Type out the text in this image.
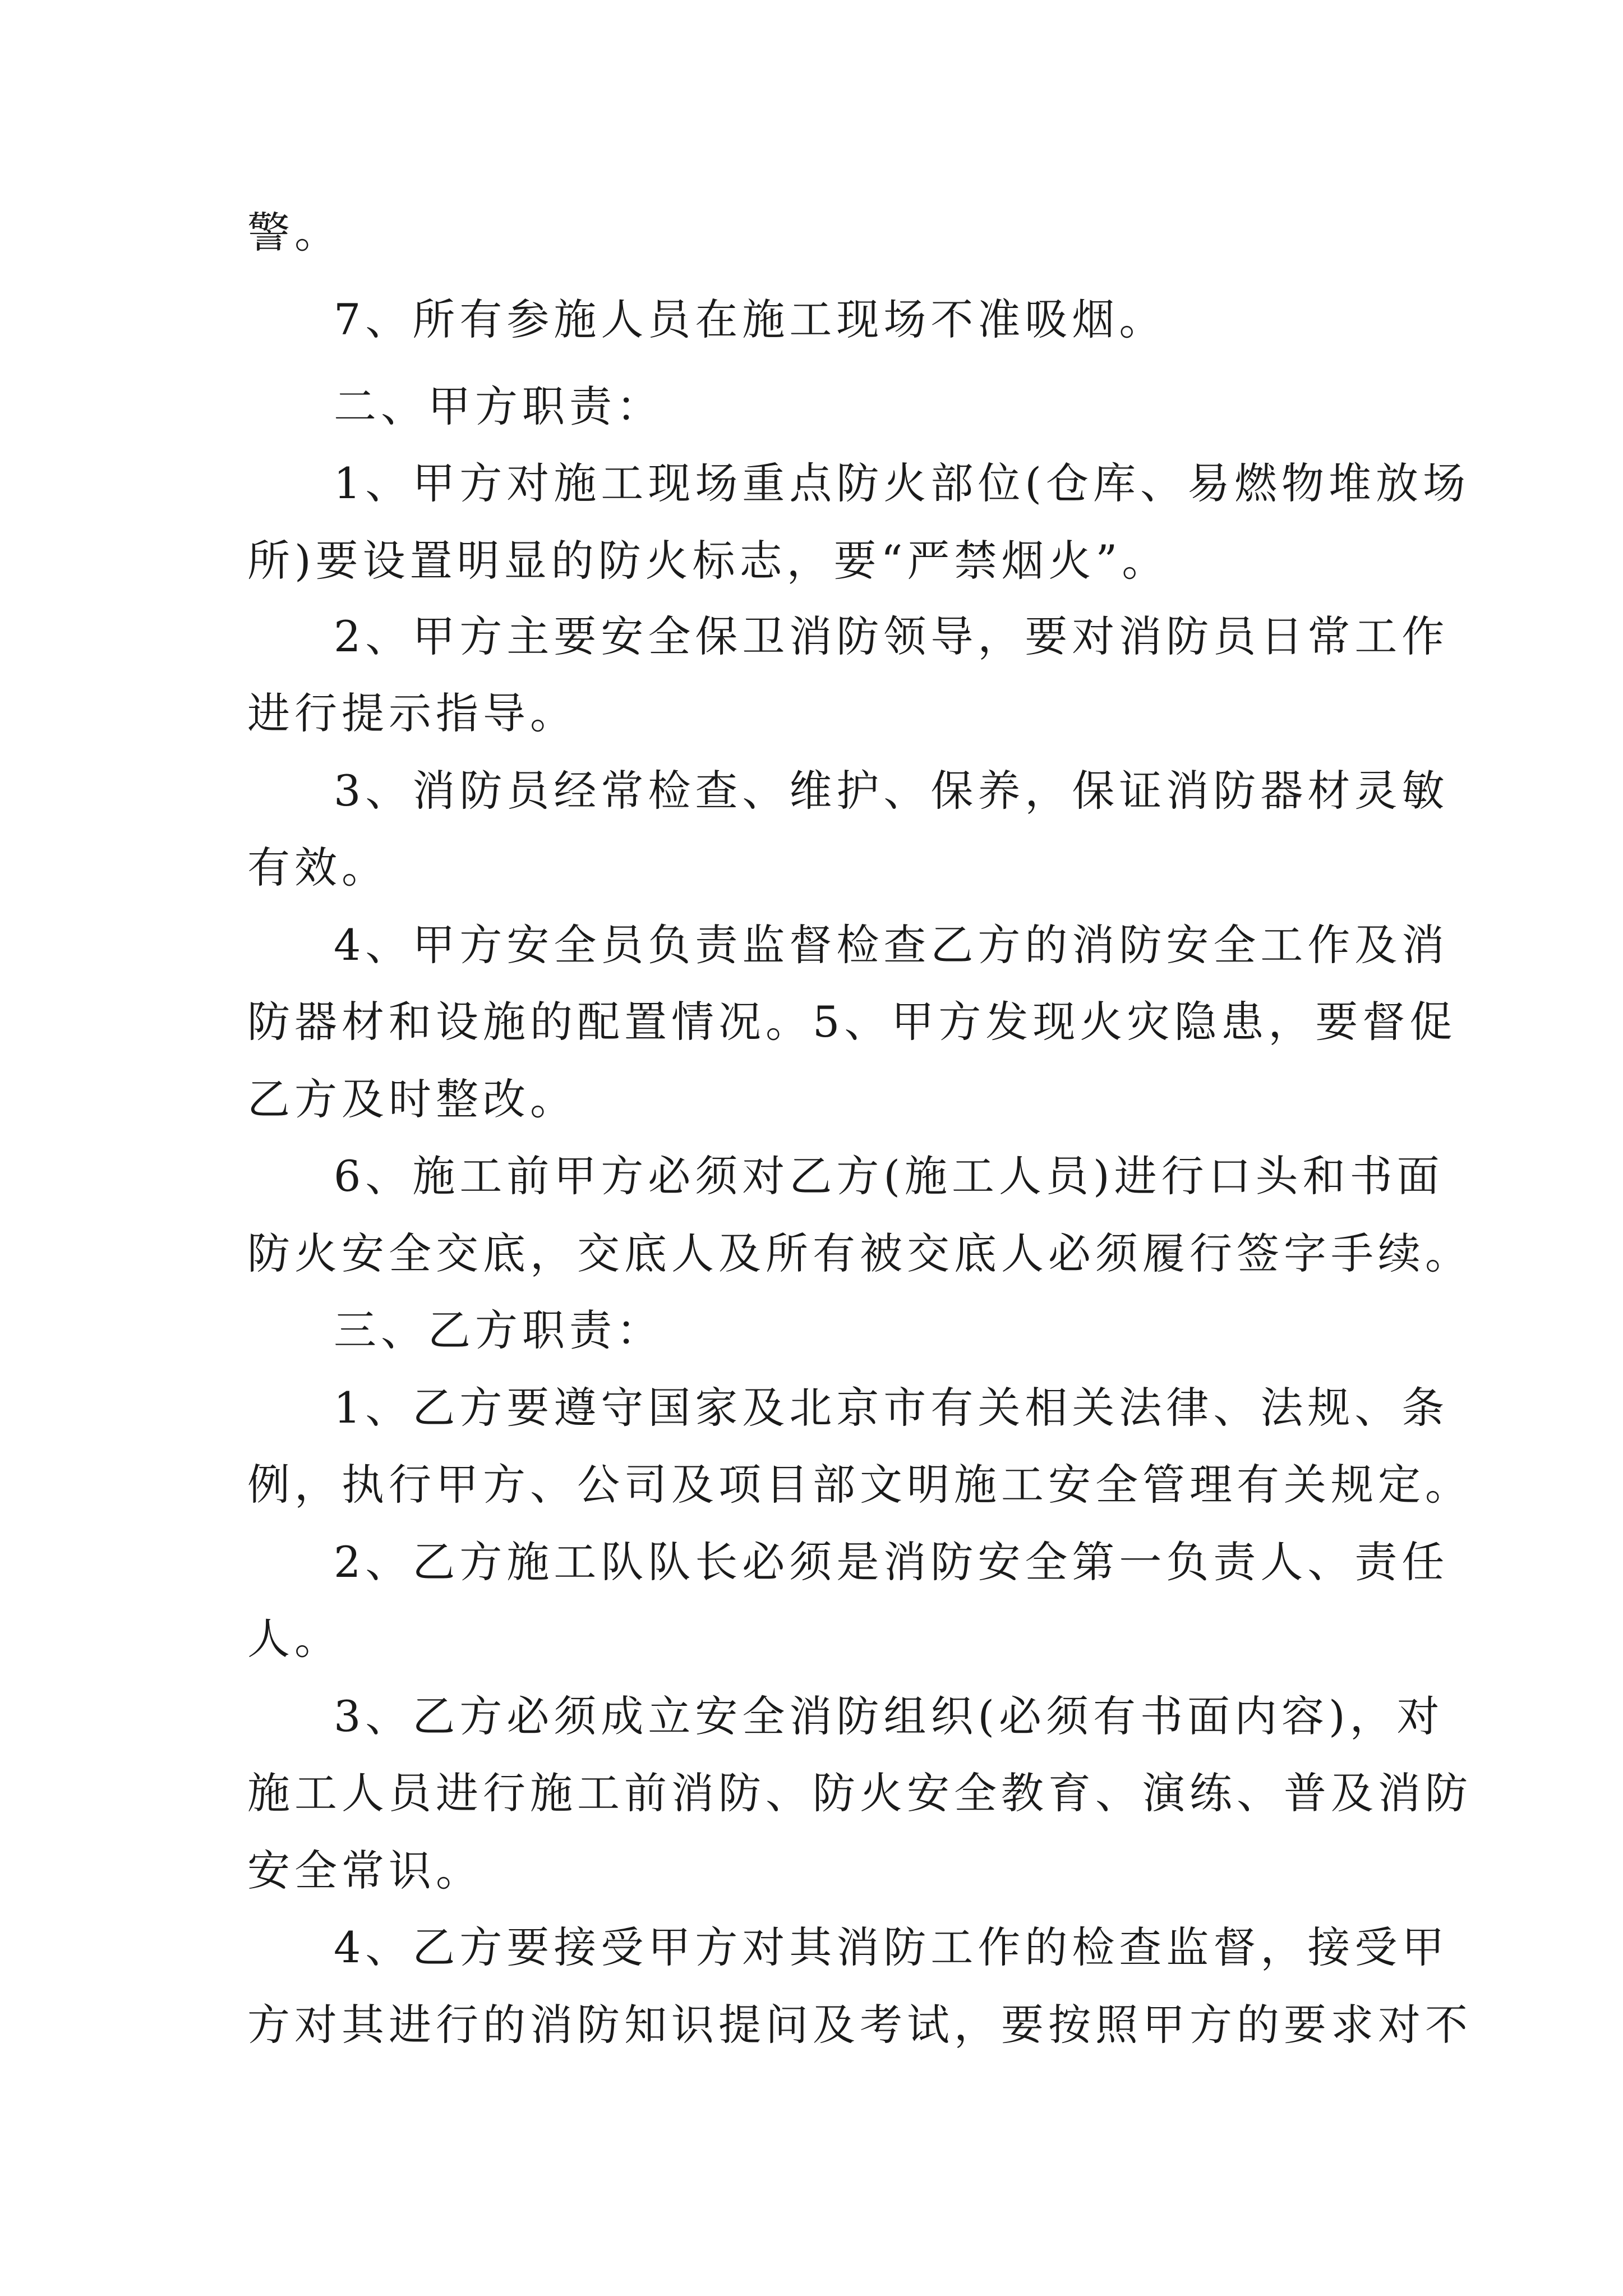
警。
7、所有参施人员在施工现场不准吸烟。
二、甲方职责：
1、甲方对施工现场重点防火部位(仓库、易燃物堆放场
所)要设置明显的防火标志，要“严禁烟火”。
2、甲方主要安全保卫消防领导，要对消防员日常工作
进行提示指导。
3、消防员经常检查、维护、保养，保证消防器材灵敏
有效。
4、甲方安全员负责监督检查乙方的消防安全工作及消
防器材和设施的配置情况。5、甲方发现火灾隐患，要督促
乙方及时整改。
6、施工前甲方必须对乙方(施工人员)进行口头和书面
防火安全交底，交底人及所有被交底人必须履行签字手续。
三、乙方职责：
1、乙方要遵守国家及北京市有关相关法律、法规、条
例，执行甲方、公司及项目部文明施工安全管理有关规定。
2、乙方施工队队长必须是消防安全第一负责人、责任
人。
3、乙方必须成立安全消防组织(必须有书面内容)，对
施工人员进行施工前消防、防火安全教育、演练、普及消防
安全常识。
4、乙方要接受甲方对其消防工作的检查监督，接受甲
方对其进行的消防知识提问及考试，要按照甲方的要求对不
